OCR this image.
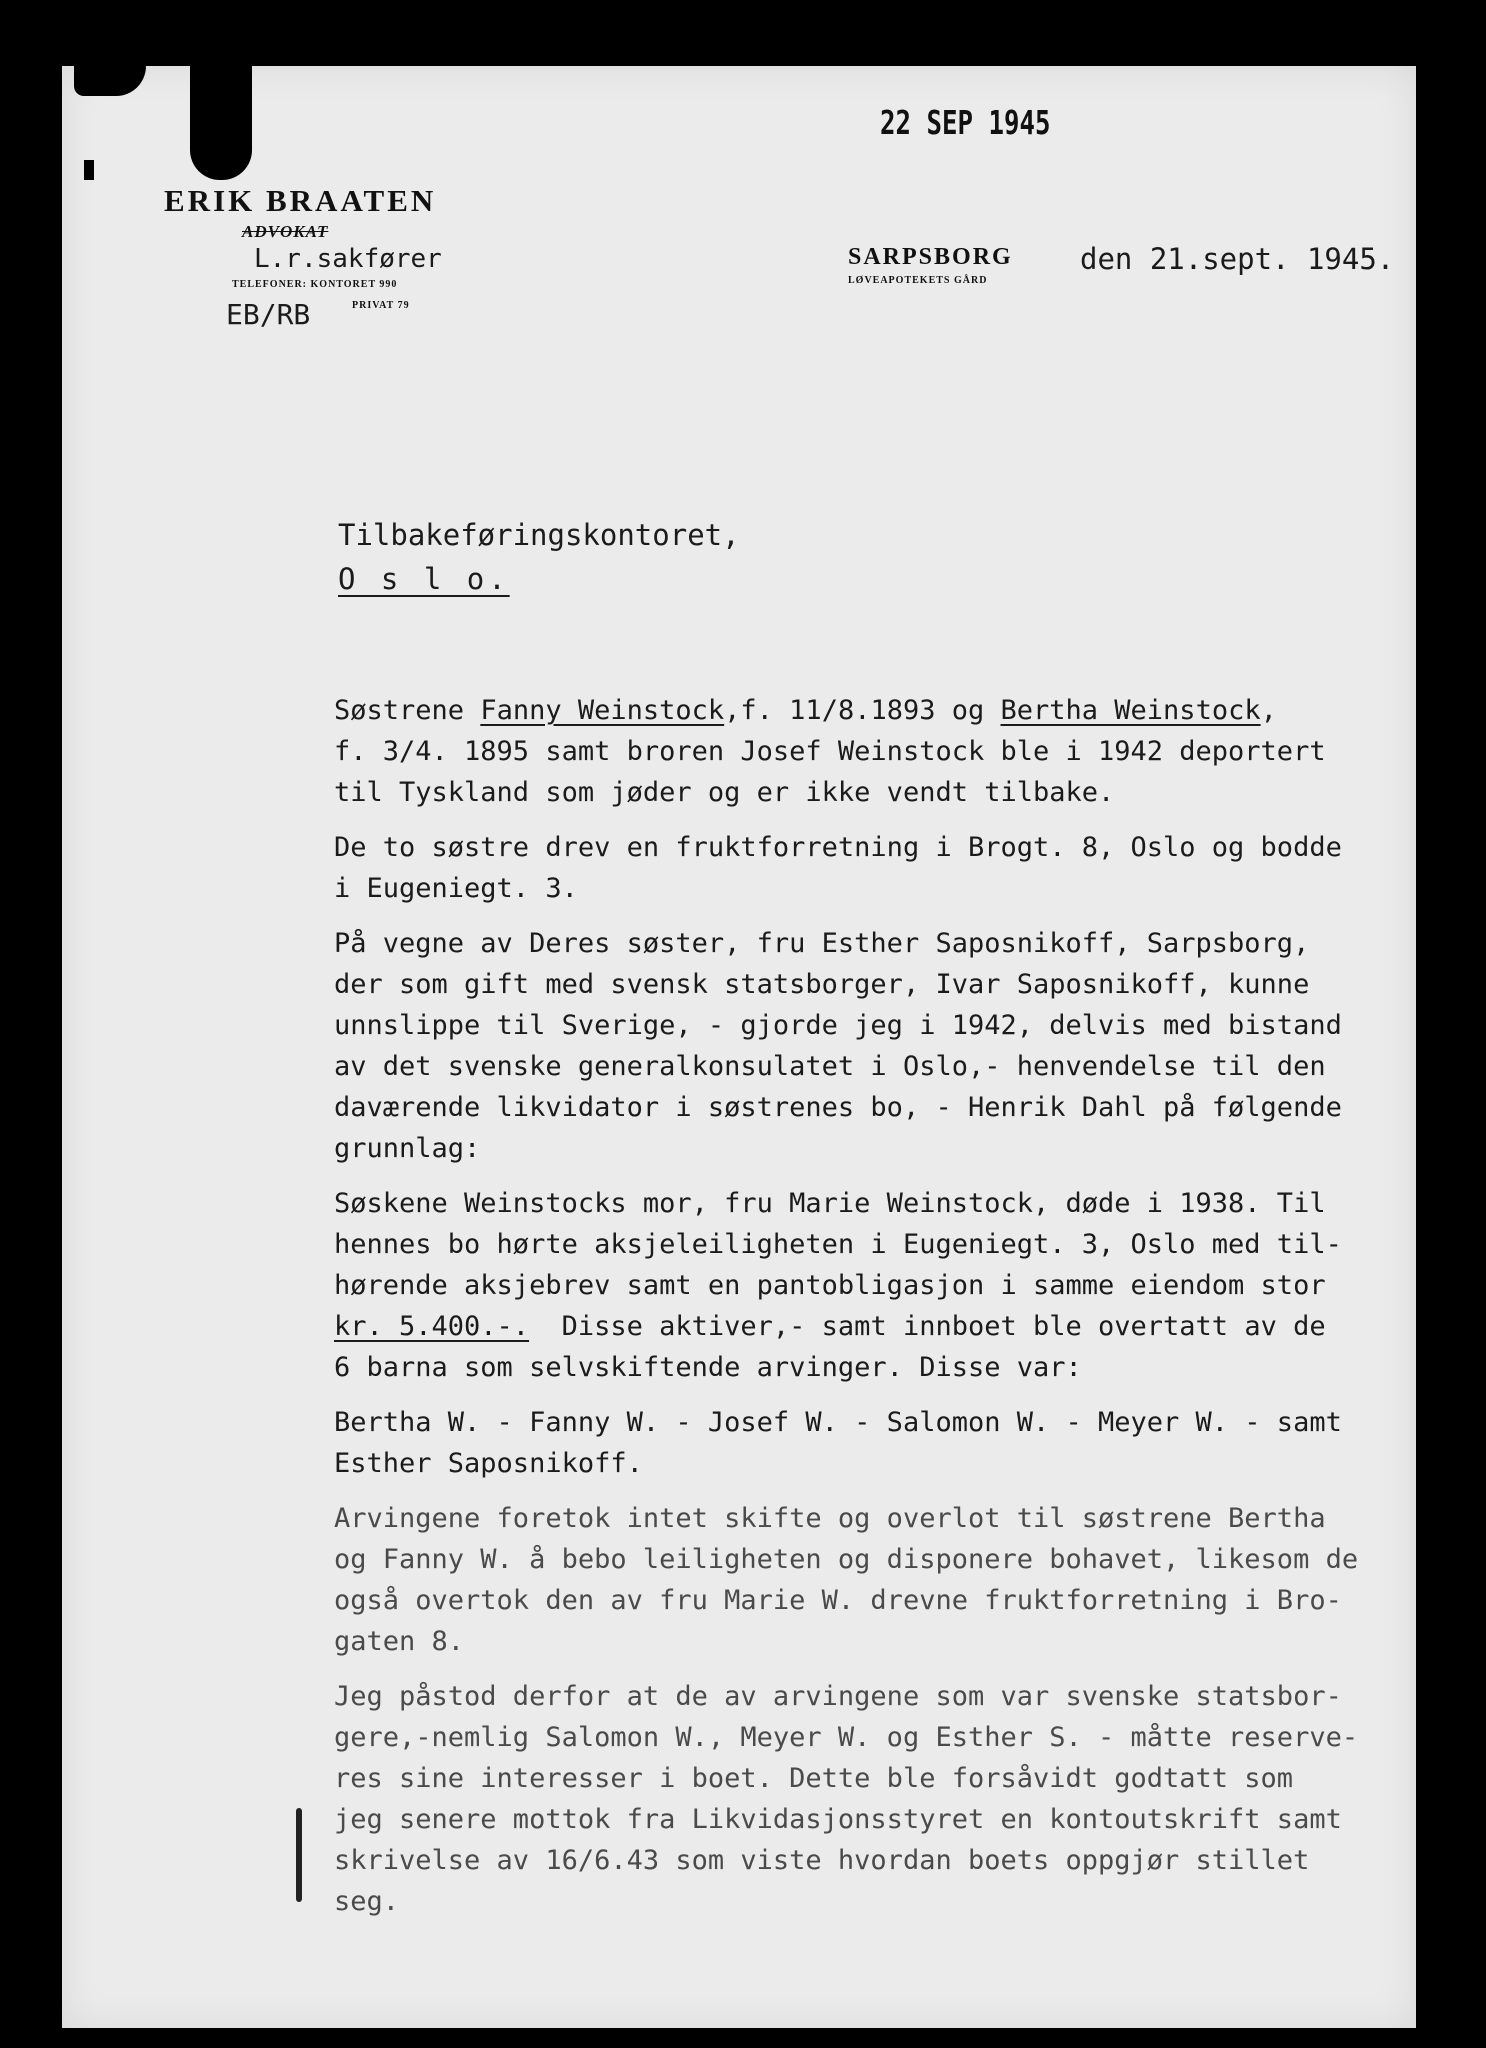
ERIK BRAATEN
ADVOKAT
L.r.sakfører
TELEFONER: KONTORET 990
PRIVAT 79
EB/RB
22 SEP 1945
SARPSBORG den 21.sept. 1945.
LØVEAPOTEKETS GÅRD
Tilbakeføringskontoret,
O s l o.

Søstrene Fanny Weinstock,f. 11/8.1893 og Bertha Weinstock,
f. 3/4. 1895 samt broren Josef Weinstock ble i 1942 deportert
til Tyskland som jøder og er ikke vendt tilbake.

De to søstre drev en fruktforretning i Brogt. 8, Oslo og bodde
i Eugeniegt. 3.

På vegne av Deres søster, fru Esther Saposnikoff, Sarpsborg,
der som gift med svensk statsborger, Ivar Saposnikoff, kunne
unnslippe til Sverige, - gjorde jeg i 1942, delvis med bistand
av det svenske generalkonsulatet i Oslo,- henvendelse til den
daværende likvidator i søstrenes bo, - Henrik Dahl på følgende
grunnlag:

Søskene Weinstocks mor, fru Marie Weinstock, døde i 1938. Til
hennes bo hørte aksjeleiligheten i Eugeniegt. 3, Oslo med til-
hørende aksjebrev samt en pantobligasjon i samme eiendom stor
kr. 5.400.-.  Disse aktiver,- samt innboet ble overtatt av de
6 barna som selvskiftende arvinger. Disse var:

Bertha W. - Fanny W. - Josef W. - Salomon W. - Meyer W. - samt
Esther Saposnikoff.

Arvingene foretok intet skifte og overlot til søstrene Bertha
og Fanny W. å bebo leiligheten og disponere bohavet, likesom de
også overtok den av fru Marie W. drevne fruktforretning i Bro-
gaten 8.

Jeg påstod derfor at de av arvingene som var svenske statsbor-
gere,-nemlig Salomon W., Meyer W. og Esther S. - måtte reserve-
res sine interesser i boet. Dette ble forsåvidt godtatt som
jeg senere mottok fra Likvidasjonsstyret en kontoutskrift samt
skrivelse av 16/6.43 som viste hvordan boets oppgjør stillet
seg.
